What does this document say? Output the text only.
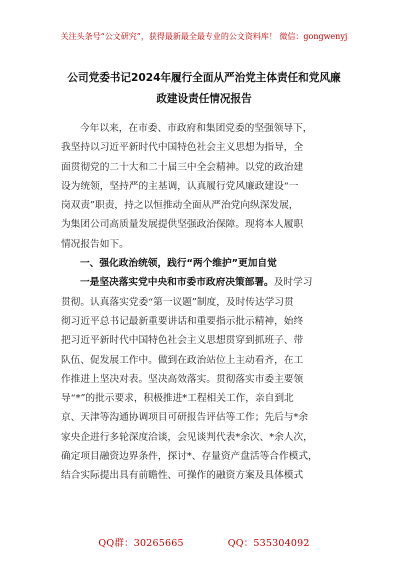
关注头条号“公文研究”，获得最新最全最专业的公文资料库！ 微信：gongwenyj
公司党委书记2024年履行全面从严治党主体责任和党风廉
政建设责任情况报告
今年以来，在市委、市政府和集团党委的坚强领导下，
我坚持以习近平新时代中国特色社会主义思想为指导，全
面贯彻党的二十大和二十届三中全会精神。以党的政治建
设为统领，坚持严的主基调，认真履行党风廉政建设“一
岗双责”职责，持之以恒推动全面从严治党向纵深发展，
为集团公司高质量发展提供坚强政治保障。现将本人履职
情况报告如下。
一、强化政治统领，践行“两个维护”更加自觉
一是坚决落实党中央和市委市政府决策部署。及时学习
贯彻。认真落实党委“第一议题”制度，及时传达学习贯
彻习近平总书记最新重要讲话和重要指示批示精神，始终
把习近平新时代中国特色社会主义思想贯穿到抓班子、带
队伍、促发展工作中。做到在政治站位上主动看齐，在工
作推进上坚决对表。坚决高效落实。贯彻落实市委主要领
导“*”的批示要求，积极推进*工程相关工作，亲自到北
京、天津等沟通协调项目可研报告评估等工作；先后与*余
家央企进行多轮深度洽谈，会见谈判代表*余次、*余人次，
确定项目融资边界条件，探讨*、存量资产盘活等合作模式，
结合实际提出具有前瞻性、可操作的融资方案及具体模式
QQ群：30265665	QQ：535304092
